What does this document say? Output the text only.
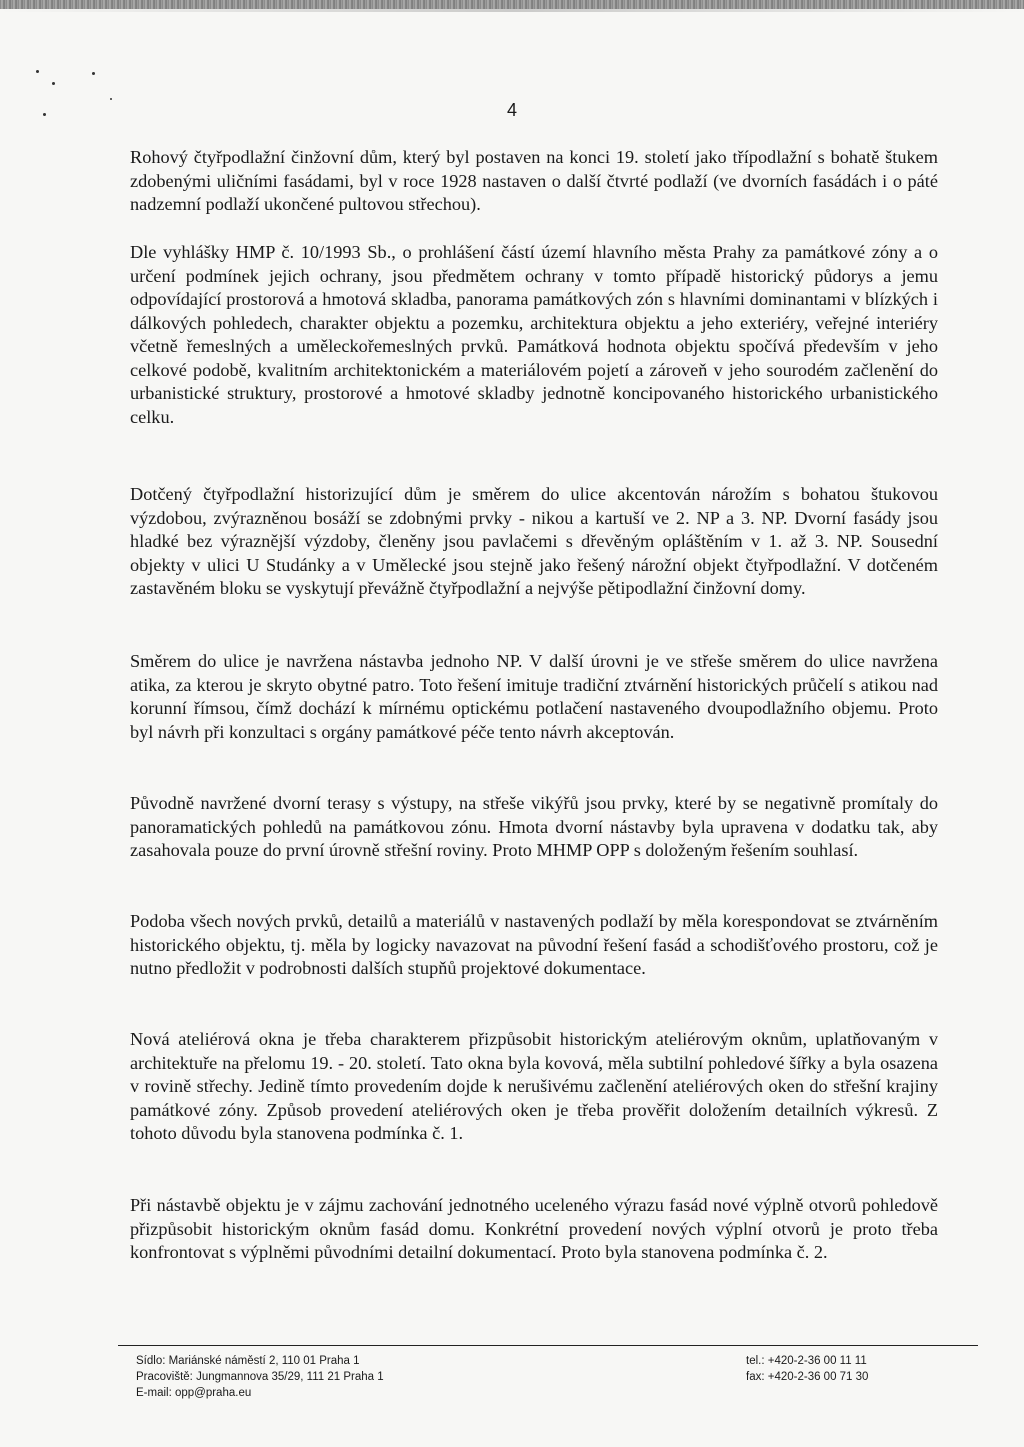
4

Rohový čtyřpodlažní činžovní dům, který byl postaven na konci 19. století jako třípodlažní s bohatě štukem zdobenými uličními fasádami, byl v roce 1928 nastaven o další čtvrté podlaží (ve dvorních fasádách i o páté nadzemní podlaží ukončené pultovou střechou).

Dle vyhlášky HMP č. 10/1993 Sb., o prohlášení částí území hlavního města Prahy za památkové zóny a o určení podmínek jejich ochrany, jsou předmětem ochrany v tomto případě historický půdorys a jemu odpovídající prostorová a hmotová skladba, panorama památkových zón s hlavními dominantami v blízkých i dálkových pohledech, charakter objektu a pozemku, architektura objektu a jeho exteriéry, veřejné interiéry včetně řemeslných a uměleckořemeslných prvků. Památková hodnota objektu spočívá především v jeho celkové podobě, kvalitním architektonickém a materiálovém pojetí a zároveň v jeho sourodém začlenění do urbanistické struktury, prostorové a hmotové skladby jednotně koncipovaného historického urbanistického celku.

Dotčený čtyřpodlažní historizující dům je směrem do ulice akcentován nárožím s bohatou štukovou výzdobou, zvýrazněnou bosáží se zdobnými prvky - nikou a kartuší ve 2. NP a 3. NP. Dvorní fasády jsou hladké bez výraznější výzdoby, členěny jsou pavlačemi s dřevěným opláštěním v 1. až 3. NP. Sousední objekty v ulici U Studánky a v Umělecké jsou stejně jako řešený nárožní objekt čtyřpodlažní. V dotčeném zastavěném bloku se vyskytují převážně čtyřpodlažní a nejvýše pětipodlažní činžovní domy.

Směrem do ulice je navržena nástavba jednoho NP. V další úrovni je ve střeše směrem do ulice navržena atika, za kterou je skryto obytné patro. Toto řešení imituje tradiční ztvárnění historických průčelí s atikou nad korunní římsou, čímž dochází k mírnému optickému potlačení nastaveného dvoupodlažního objemu. Proto byl návrh při konzultaci s orgány památkové péče tento návrh akceptován.

Původně navržené dvorní terasy s výstupy, na střeše vikýřů jsou prvky, které by se negativně promítaly do panoramatických pohledů na památkovou zónu. Hmota dvorní nástavby byla upravena v dodatku tak, aby zasahovala pouze do první úrovně střešní roviny. Proto MHMP OPP s doloženým řešením souhlasí.

Podoba všech nových prvků, detailů a materiálů v nastavených podlaží by měla korespondovat se ztvárněním historického objektu, tj. měla by logicky navazovat na původní řešení fasád a schodišťového prostoru, což je nutno předložit v podrobnosti dalších stupňů projektové dokumentace.

Nová ateliérová okna je třeba charakterem přizpůsobit historickým ateliérovým oknům, uplatňovaným v architektuře na přelomu 19. - 20. století. Tato okna byla kovová, měla subtilní pohledové šířky a byla osazena v rovině střechy. Jedině tímto provedením dojde k nerušivému začlenění ateliérových oken do střešní krajiny památkové zóny. Způsob provedení ateliérových oken je třeba prověřit doložením detailních výkresů. Z tohoto důvodu byla stanovena podmínka č. 1.

Při nástavbě objektu je v zájmu zachování jednotného uceleného výrazu fasád nové výplně otvorů pohledově přizpůsobit historickým oknům fasád domu. Konkrétní provedení nových výplní otvorů je proto třeba konfrontovat s výplněmi původními detailní dokumentací. Proto byla stanovena podmínka č. 2.

Sídlo: Mariánské náměstí 2, 110 01 Praha 1
Pracoviště: Jungmannova 35/29, 111 21 Praha 1
E-mail: opp@praha.eu
tel.: +420-2-36 00 11 11
fax: +420-2-36 00 71 30
